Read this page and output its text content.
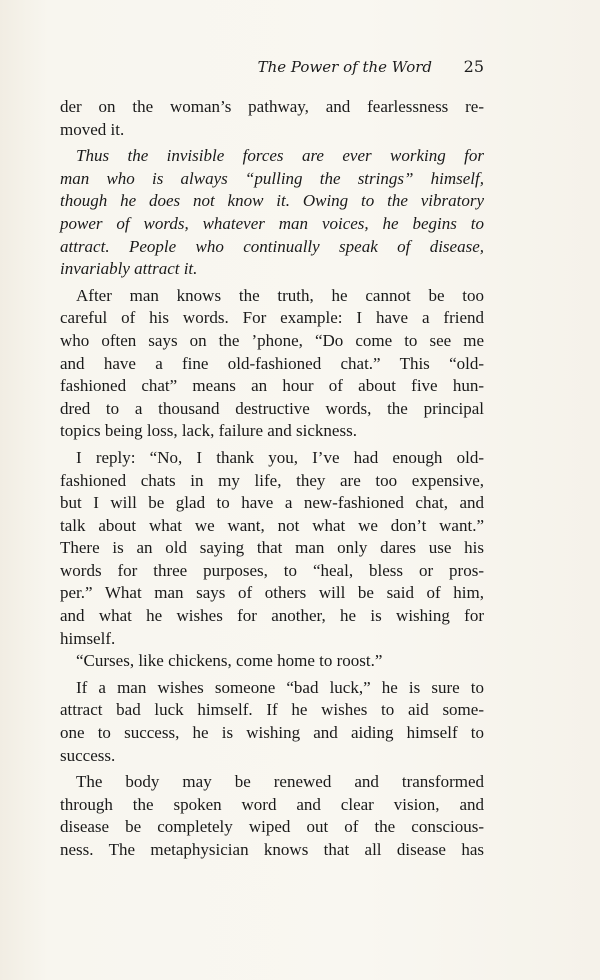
The Power of the Word 25
der on the woman’s pathway, and fearlessness re-
moved it.
Thus the invisible forces are ever working for
man who is always “pulling the strings” himself,
though he does not know it. Owing to the vibratory
power of words, whatever man voices, he begins to
attract. People who continually speak of disease,
invariably attract it.
After man knows the truth, he cannot be too
careful of his words. For example: I have a friend
who often says on the ’phone, “Do come to see me
and have a fine old-fashioned chat.” This “old-
fashioned chat” means an hour of about five hun-
dred to a thousand destructive words, the principal
topics being loss, lack, failure and sickness.
I reply: “No, I thank you, I’ve had enough old-
fashioned chats in my life, they are too expensive,
but I will be glad to have a new-fashioned chat, and
talk about what we want, not what we don’t want.”
There is an old saying that man only dares use his
words for three purposes, to “heal, bless or pros-
per.” What man says of others will be said of him,
and what he wishes for another, he is wishing for
himself.
“Curses, like chickens, come home to roost.”
If a man wishes someone “bad luck,” he is sure to
attract bad luck himself. If he wishes to aid some-
one to success, he is wishing and aiding himself to
success.
The body may be renewed and transformed
through the spoken word and clear vision, and
disease be completely wiped out of the conscious-
ness. The metaphysician knows that all disease has
